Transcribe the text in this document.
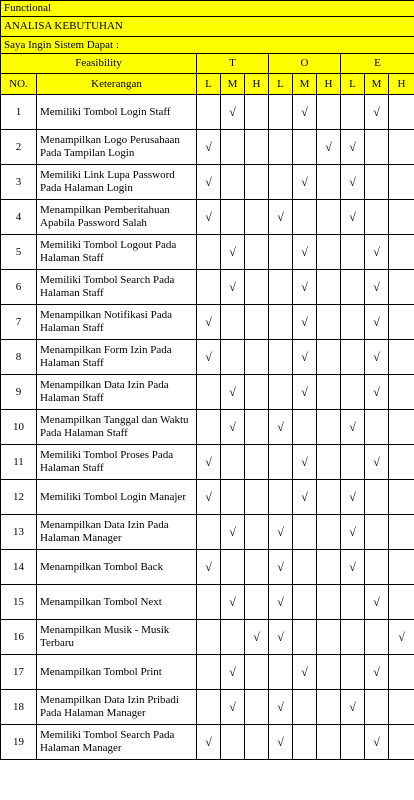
Functional										
ANALISA KEBUTUHAN										
Saya Ingin Sistem Dapat :										
Feasibility		T			O			E		
NO.	Keterangan	L	M	H	L	M	H	L	M	H
1	Memiliki Tombol Login Staff		√			√			√	
2	Menampilkan Logo Perusahaan Pada Tampilan Login	√					√	√		
3	Memiliki Link Lupa Password Pada Halaman Login	√				√		√		
4	Menampilkan Pemberitahuan Apabila Password Salah	√			√			√		
5	Memiliki Tombol Logout Pada Halaman Staff		√			√			√	
6	Memiliki Tombol Search Pada Halaman Staff		√			√			√	
7	Menampilkan Notifikasi Pada Halaman Staff	√				√			√	
8	Menampilkan Form Izin Pada Halaman Staff	√				√			√	
9	Menampilkan Data Izin Pada Halaman Staff		√			√			√	
10	Menampilkan Tanggal dan Waktu Pada Halaman Staff		√		√			√		
11	Memiliki Tombol Proses Pada Halaman Staff	√				√			√	
12	Memiliki Tombol Login Manajer	√				√		√		
13	Menampilkan Data Izin Pada Halaman Manager		√		√			√		
14	Menampilkan Tombol Back	√			√			√		
15	Menampilkan Tombol Next		√		√				√	
16	Menampilkan Musik - Musik Terbaru			√	√					√
17	Menampilkan Tombol Print		√			√			√	
18	Menampilkan Data Izin Pribadi Pada Halaman Manager		√		√			√		
19	Memiliki Tombol Search Pada Halaman Manager	√			√				√	
